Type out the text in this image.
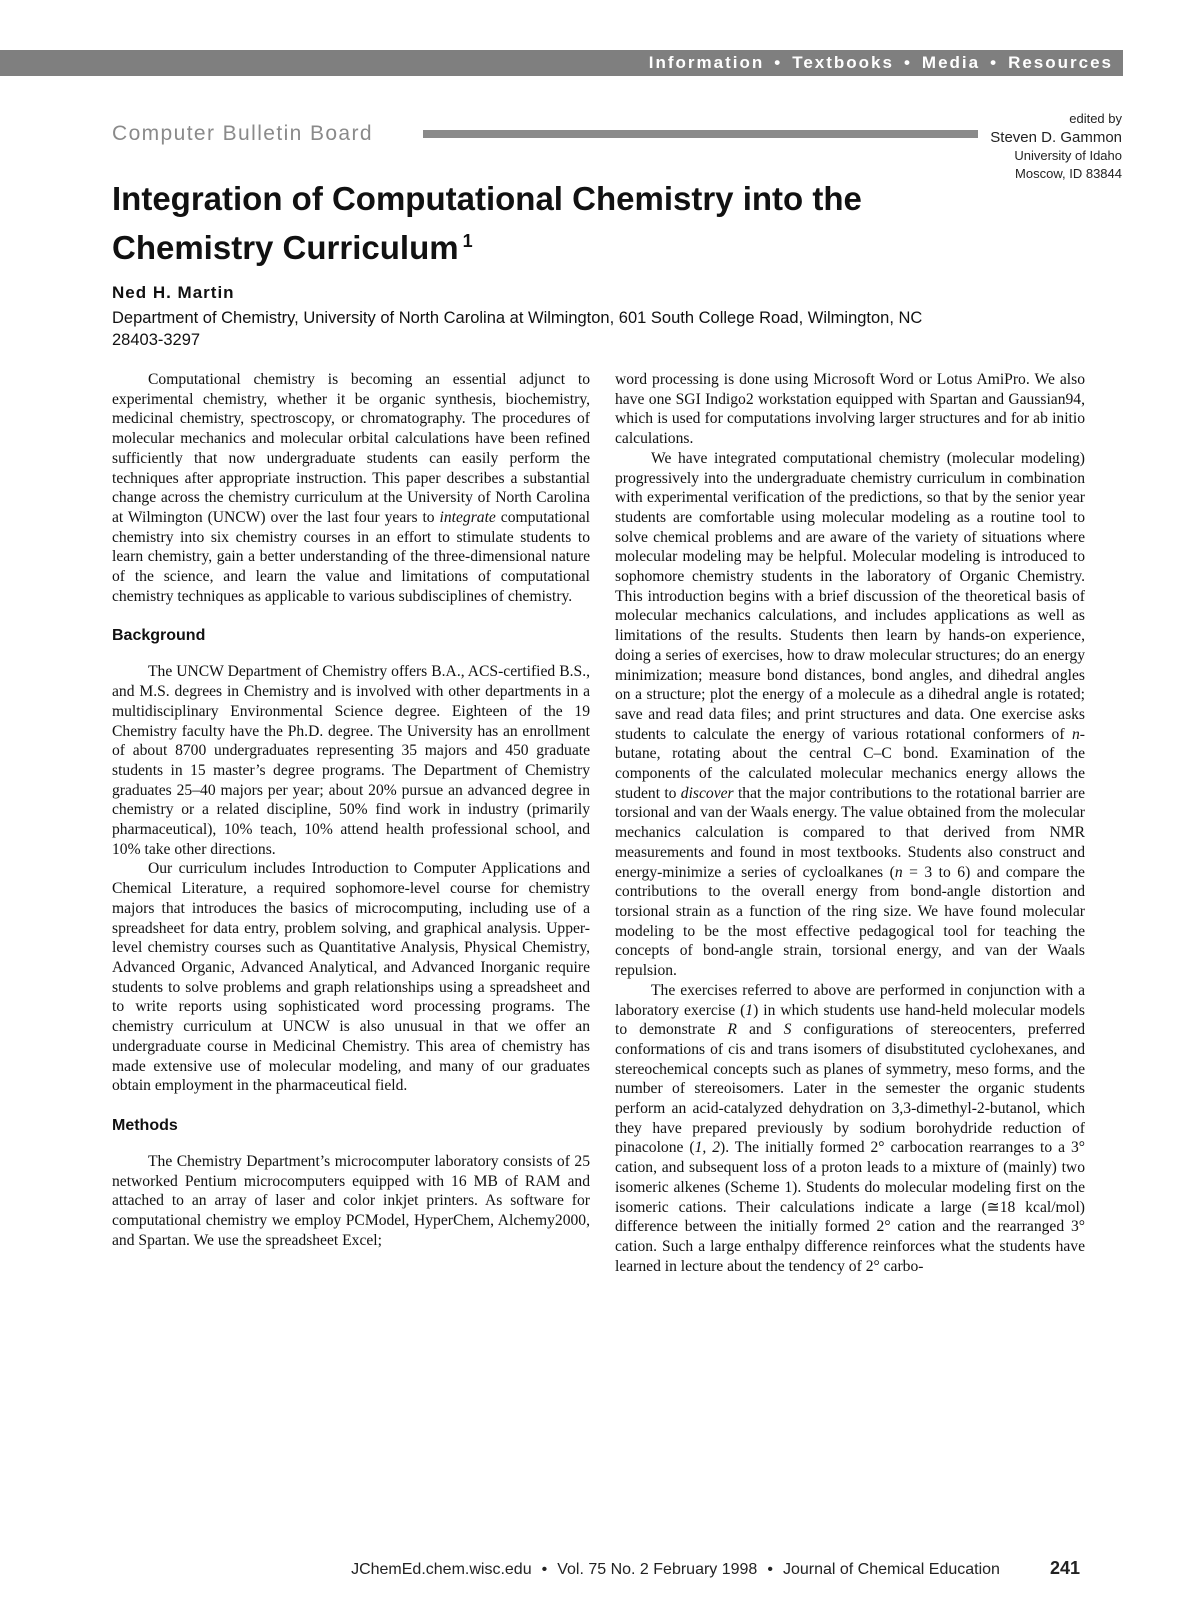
Information • Textbooks • Media • Resources
Computer Bulletin Board
edited by
Steven D. Gammon
University of Idaho
Moscow, ID 83844
Integration of Computational Chemistry into the Chemistry Curriculum $^1$
Ned H. Martin
Department of Chemistry, University of North Carolina at Wilmington, 601 South College Road, Wilmington, NC 28403-3297

Computational chemistry is becoming an essential adjunct to experimental chemistry, whether it be organic synthesis, biochemistry, medicinal chemistry, spectroscopy, or chromatography. The procedures of molecular mechanics and molecular orbital calculations have been refined sufficiently that now undergraduate students can easily perform the techniques after appropriate instruction. This paper describes a substantial change across the chemistry curriculum at the University of North Carolina at Wilmington (UNCW) over the last four years to integrate computational chemistry into six chemistry courses in an effort to stimulate students to learn chemistry, gain a better understanding of the three-dimensional nature of the science, and learn the value and limitations of computational chemistry techniques as applicable to various subdisciplines of chemistry.

Background

The UNCW Department of Chemistry offers B.A., ACS-certified B.S., and M.S. degrees in Chemistry and is involved with other departments in a multidisciplinary Environmental Science degree. Eighteen of the 19 Chemistry faculty have the Ph.D. degree. The University has an enrollment of about 8700 undergraduates representing 35 majors and 450 graduate students in 15 master’s degree programs. The Department of Chemistry graduates 25–40 majors per year; about 20% pursue an advanced degree in chemistry or a related discipline, 50% find work in industry (primarily pharmaceutical), 10% teach, 10% attend health professional school, and 10% take other directions.

Our curriculum includes Introduction to Computer Applications and Chemical Literature, a required sophomore-level course for chemistry majors that introduces the basics of microcomputing, including use of a spreadsheet for data entry, problem solving, and graphical analysis. Upper-level chemistry courses such as Quantitative Analysis, Physical Chemistry, Advanced Organic, Advanced Analytical, and Advanced Inorganic require students to solve problems and graph relationships using a spreadsheet and to write reports using sophisticated word processing programs. The chemistry curriculum at UNCW is also unusual in that we offer an undergraduate course in Medicinal Chemistry. This area of chemistry has made extensive use of molecular modeling, and many of our graduates obtain employment in the pharmaceutical field.

Methods

The Chemistry Department’s microcomputer laboratory consists of 25 networked Pentium microcomputers equipped with 16 MB of RAM and attached to an array of laser and color inkjet printers. As software for computational chemistry we employ PCModel, HyperChem, Alchemy2000, and Spartan. We use the spreadsheet Excel;

word processing is done using Microsoft Word or Lotus AmiPro. We also have one SGI Indigo2 workstation equipped with Spartan and Gaussian94, which is used for computations involving larger structures and for ab initio calculations.

We have integrated computational chemistry (molecular modeling) progressively into the undergraduate chemistry curriculum in combination with experimental verification of the predictions, so that by the senior year students are comfortable using molecular modeling as a routine tool to solve chemical problems and are aware of the variety of situations where molecular modeling may be helpful. Molecular modeling is introduced to sophomore chemistry students in the laboratory of Organic Chemistry. This introduction begins with a brief discussion of the theoretical basis of molecular mechanics calculations, and includes applications as well as limitations of the results. Students then learn by hands-on experience, doing a series of exercises, how to draw molecular structures; do an energy minimization; measure bond distances, bond angles, and dihedral angles on a structure; plot the energy of a molecule as a dihedral angle is rotated; save and read data files; and print structures and data. One exercise asks students to calculate the energy of various rotational conformers of n-butane, rotating about the central C–C bond. Examination of the components of the calculated molecular mechanics energy allows the student to discover that the major contributions to the rotational barrier are torsional and van der Waals energy. The value obtained from the molecular mechanics calculation is compared to that derived from NMR measurements and found in most textbooks. Students also construct and energy-minimize a series of cycloalkanes (n = 3 to 6) and compare the contributions to the overall energy from bond-angle distortion and torsional strain as a function of the ring size. We have found molecular modeling to be the most effective pedagogical tool for teaching the concepts of bond-angle strain, torsional energy, and van der Waals repulsion.

The exercises referred to above are performed in conjunction with a laboratory exercise (1) in which students use hand-held molecular models to demonstrate R and S configurations of stereocenters, preferred conformations of cis and trans isomers of disubstituted cyclohexanes, and stereochemical concepts such as planes of symmetry, meso forms, and the number of stereoisomers. Later in the semester the organic students perform an acid-catalyzed dehydration on 3,3-dimethyl-2-butanol, which they have prepared previously by sodium borohydride reduction of pinacolone (1, 2). The initially formed 2° carbocation rearranges to a 3° cation, and subsequent loss of a proton leads to a mixture of (mainly) two isomeric alkenes (Scheme 1). Students do molecular modeling first on the isomeric cations. Their calculations indicate a large (≅18 kcal/mol) difference between the initially formed 2° cation and the rearranged 3° cation. Such a large enthalpy difference reinforces what the students have learned in lecture about the tendency of 2° carbo-

JChemEd.chem.wisc.edu • Vol. 75 No. 2 February 1998 • Journal of Chemical Education	241
